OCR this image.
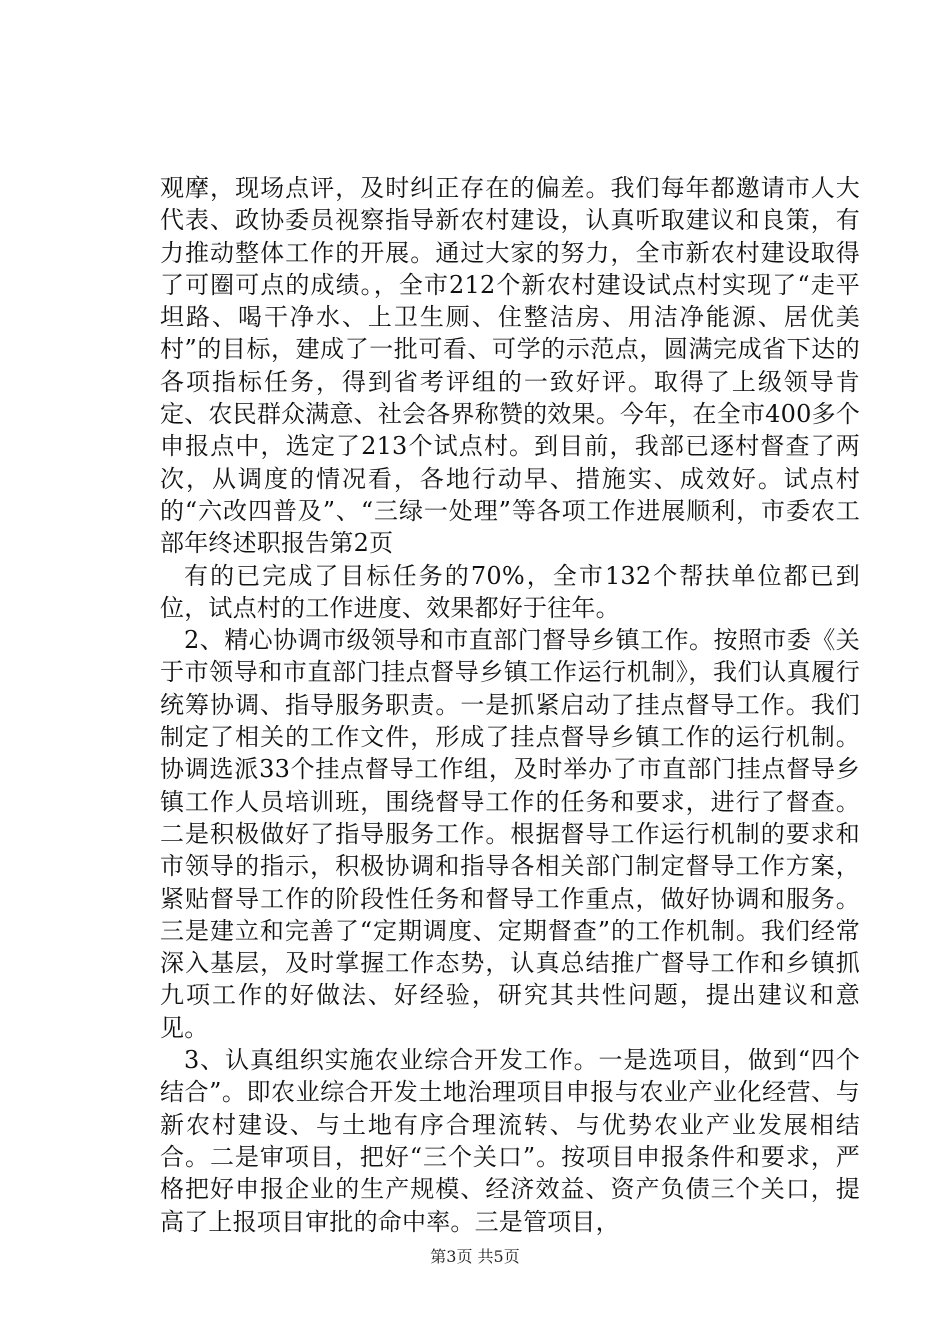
观摩，现场点评，及时纠正存在的偏差。我们每年都邀请市人大代表、政协委员视察指导新农村建设，认真听取建议和良策，有力推动整体工作的开展。通过大家的努力，全市新农村建设取得了可圈可点的成绩。，全市212个新农村建设试点村实现了“走平坦路、喝干净水、上卫生厕、住整洁房、用洁净能源、居优美村”的目标，建成了一批可看、可学的示范点，圆满完成省下达的各项指标任务，得到省考评组的一致好评。取得了上级领导肯定、农民群众满意、社会各界称赞的效果。今年，在全市400多个申报点中，选定了213个试点村。到目前，我部已逐村督查了两次，从调度的情况看，各地行动早、措施实、成效好。试点村的“六改四普及”、“三绿一处理”等各项工作进展顺利，市委农工部年终述职报告第2页

有的已完成了目标任务的70%，全市132个帮扶单位都已到位，试点村的工作进度、效果都好于往年。

2、精心协调市级领导和市直部门督导乡镇工作。按照市委《关于市领导和市直部门挂点督导乡镇工作运行机制》，我们认真履行统筹协调、指导服务职责。一是抓紧启动了挂点督导工作。我们制定了相关的工作文件，形成了挂点督导乡镇工作的运行机制。协调选派33个挂点督导工作组，及时举办了市直部门挂点督导乡镇工作人员培训班，围绕督导工作的任务和要求，进行了督查。二是积极做好了指导服务工作。根据督导工作运行机制的要求和市领导的指示，积极协调和指导各相关部门制定督导工作方案，紧贴督导工作的阶段性任务和督导工作重点，做好协调和服务。三是建立和完善了“定期调度、定期督查”的工作机制。我们经常深入基层，及时掌握工作态势，认真总结推广督导工作和乡镇抓九项工作的好做法、好经验，研究其共性问题，提出建议和意见。

3、认真组织实施农业综合开发工作。一是选项目，做到“四个结合”。即农业综合开发土地治理项目申报与农业产业化经营、与新农村建设、与土地有序合理流转、与优势农业产业发展相结合。二是审项目，把好“三个关口”。按项目申报条件和要求，严格把好申报企业的生产规模、经济效益、资产负债三个关口，提高了上报项目审批的命中率。三是管项目，

第3页 共5页
